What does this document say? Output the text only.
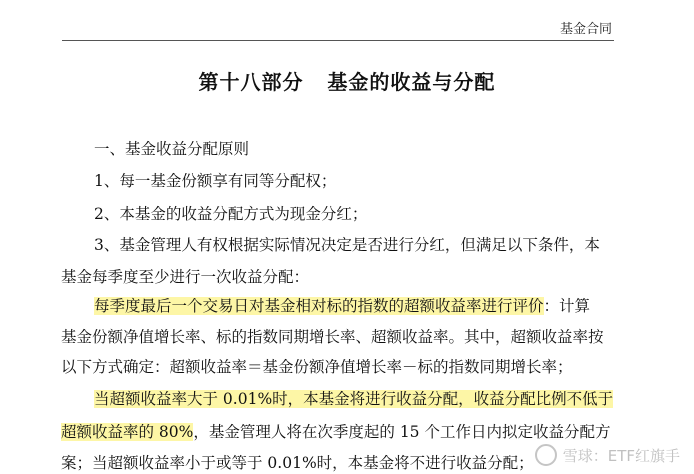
基金合同
第十八部分   基金的收益与分配
一、基金收益分配原则
1、每一基金份额享有同等分配权；
2、本基金的收益分配方式为现金分红；
3、基金管理人有权根据实际情况决定是否进行分红，但满足以下条件，本
基金每季度至少进行一次收益分配：
每季度最后一个交易日对基金相对标的指数的超额收益率进行评价：计算
基金份额净值增长率、标的指数同期增长率、超额收益率。其中，超额收益率按
以下方式确定：超额收益率＝基金份额净值增长率－标的指数同期增长率；
当超额收益率大于 0.01%时，本基金将进行收益分配，收益分配比例不低于
超额收益率的 80%，基金管理人将在次季度起的 15 个工作日内拟定收益分配方
案；当超额收益率小于或等于 0.01%时，本基金将不进行收益分配；	雪球：ETF红旗手
